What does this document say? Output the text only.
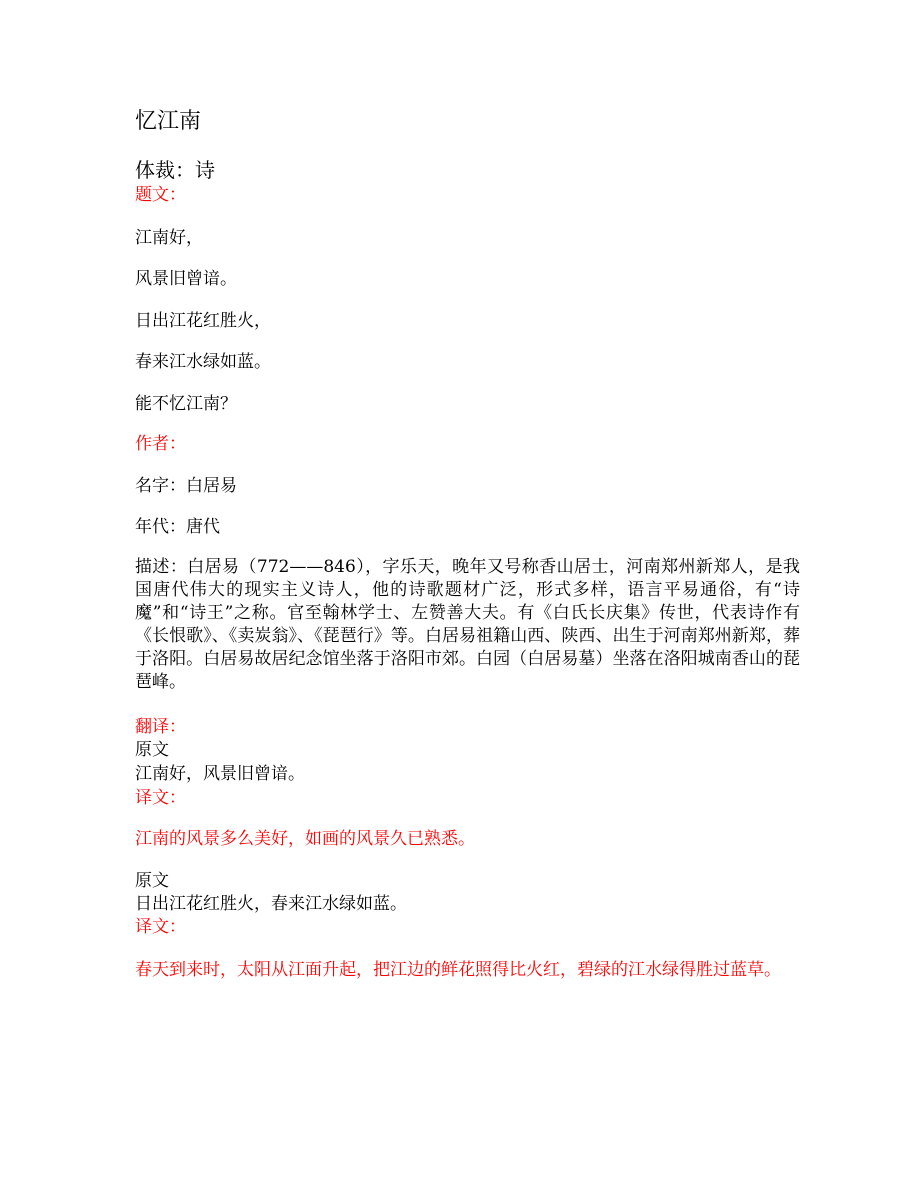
忆江南
体裁：诗
题文：
江南好，
风景旧曾谙。
日出江花红胜火，
春来江水绿如蓝。
能不忆江南？
作者：
名字：白居易
年代：唐代
描述：白居易（772——846），字乐天，晚年又号称香山居士，河南郑州新郑人，是我国唐代伟大的现实主义诗人，他的诗歌题材广泛，形式多样，语言平易通俗，有“诗魔”和“诗王”之称。官至翰林学士、左赞善大夫。有《白氏长庆集》传世，代表诗作有《长恨歌》、《卖炭翁》、《琵琶行》等。白居易祖籍山西、陕西、出生于河南郑州新郑，葬于洛阳。白居易故居纪念馆坐落于洛阳市郊。白园（白居易墓）坐落在洛阳城南香山的琵琶峰。
翻译：
原文
江南好，风景旧曾谙。
译文：
江南的风景多么美好，如画的风景久已熟悉。
原文
日出江花红胜火，春来江水绿如蓝。
译文：
春天到来时，太阳从江面升起，把江边的鲜花照得比火红，碧绿的江水绿得胜过蓝草。
